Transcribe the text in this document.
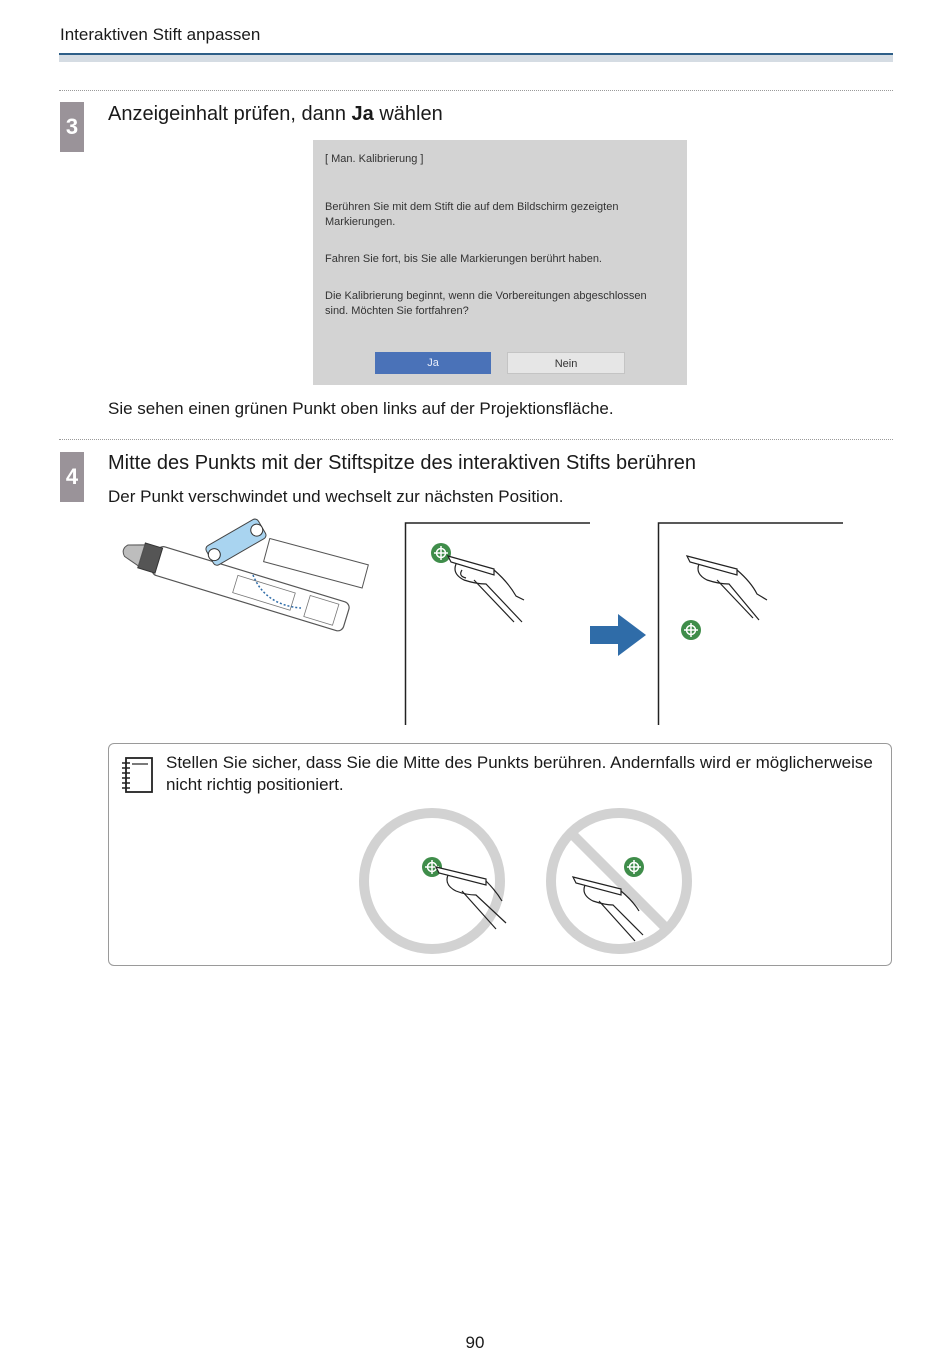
Interaktiven Stift anpassen
3 Anzeigeinhalt prüfen, dann Ja wählen
[ Man. Kalibrierung ]
Berühren Sie mit dem Stift die auf dem Bildschirm gezeigten Markierungen.
Fahren Sie fort, bis Sie alle Markierungen berührt haben.
Die Kalibrierung beginnt, wenn die Vorbereitungen abgeschlossen sind. Möchten Sie fortfahren?
Ja	Nein
Sie sehen einen grünen Punkt oben links auf der Projektionsfläche.
4
Mitte des Punkts mit der Stiftspitze des interaktiven Stifts berühren
Der Punkt verschwindet und wechselt zur nächsten Position.
Stellen Sie sicher, dass Sie die Mitte des Punkts berühren. Andernfalls wird er möglicherweise nicht richtig positioniert.
90
